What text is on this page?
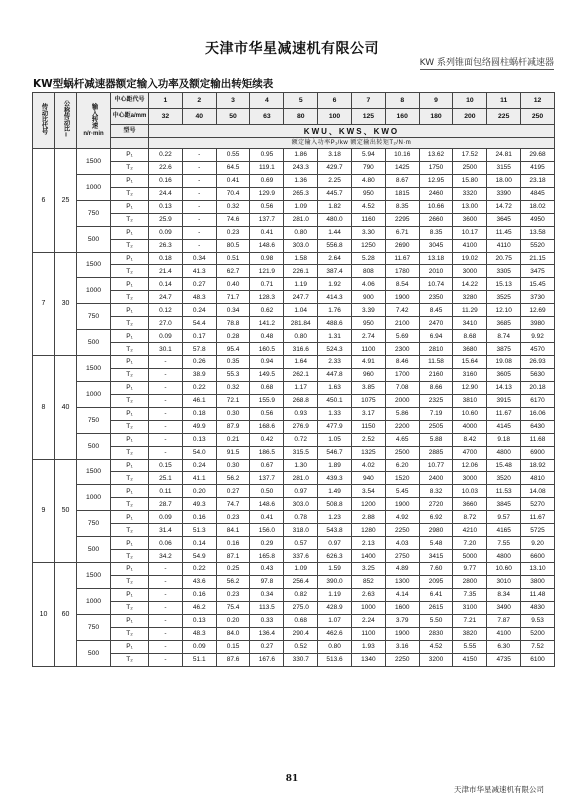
天津市华星减速机有限公司
KW 系列锥面包络圆柱蜗杆减速器
KW型蜗杆减速器额定输入功率及额定输出转矩续表
传动比代号	公称传动比i	输入转速
n/r·min	中心距代号	1	2	3	4	5	6	7	8	9	10	11	12
			中心距a/mm	32	40	50	63	80	100	125	160	180	200	225	250
			型号	KWU、KWS、KWO											
				额定输入功率P₁/kw 额定输出转矩T₂/N·m											
6	25	1500	P₁	0.22	-	0.55	0.95	1.86	3.18	5.94	10.16	13.62	17.52	24.81	29.68
			T₂	22.6	-	64.5	119.1	243.3	429.7	790	1425	1750	2500	3155	4195
		1000	P₁	0.16	-	0.41	0.69	1.36	2.25	4.80	8.67	12.95	15.80	18.00	23.18
			T₂	24.4	-	70.4	129.9	265.3	445.7	950	1815	2460	3320	3390	4845
		750	P₁	0.13	-	0.32	0.56	1.09	1.82	4.52	8.35	10.66	13.00	14.72	18.02
			T₂	25.9	-	74.6	137.7	281.0	480.0	1160	2295	2660	3600	3645	4950
		500	P₁	0.09	-	0.23	0.41	0.80	1.44	3.30	6.71	8.35	10.17	11.45	13.58
			T₂	26.3	-	80.5	148.6	303.0	556.8	1250	2690	3045	4100	4110	5520
7	30	1500	P₁	0.18	0.34	0.51	0.98	1.58	2.64	5.28	11.67	13.18	19.02	20.75	21.15
			T₂	21.4	41.3	62.7	121.9	226.1	387.4	808	1780	2010	3000	3305	3475
		1000	P₁	0.14	0.27	0.40	0.71	1.19	1.92	4.06	8.54	10.74	14.22	15.13	15.45
			T₂	24.7	48.3	71.7	128.3	247.7	414.3	900	1900	2350	3280	3525	3730
		750	P₁	0.12	0.24	0.34	0.62	1.04	1.76	3.39	7.42	8.45	11.29	12.10	12.69
			T₂	27.0	54.4	78.8	141.2	281.84	488.6	950	2100	2470	3410	3685	3980
		500	P₁	0.09	0.17	0.28	0.48	0.80	1.31	2.74	5.69	6.94	8.68	8.74	9.92
			T₂	30.1	57.8	95.4	160.5	316.6	524.3	1100	2300	2810	3680	3875	4570
8	40	1500	P₁	-	0.26	0.35	0.94	1.64	2.33	4.91	8.46	11.58	15.64	19.08	26.93
			T₂	-	38.9	55.3	149.5	262.1	447.8	960	1700	2160	3160	3605	5630
		1000	P₁	-	0.22	0.32	0.68	1.17	1.63	3.85	7.08	8.66	12.90	14.13	20.18
			T₂	-	46.1	72.1	155.9	268.8	450.1	1075	2000	2325	3810	3915	6170
		750	P₁	-	0.18	0.30	0.56	0.93	1.33	3.17	5.86	7.19	10.60	11.67	16.06
			T₂	-	49.9	87.9	168.6	276.9	477.9	1150	2200	2505	4000	4145	6430
		500	P₁	-	0.13	0.21	0.42	0.72	1.05	2.52	4.65	5.88	8.42	9.18	11.68
			T₂	-	54.0	91.5	186.5	315.5	546.7	1325	2500	2885	4700	4800	6900
9	50	1500	P₁	0.15	0.24	0.30	0.67	1.30	1.89	4.02	6.20	10.77	12.06	15.48	18.92
			T₂	25.1	41.1	56.2	137.7	281.0	439.3	940	1520	2400	3000	3520	4810
		1000	P₁	0.11	0.20	0.27	0.50	0.97	1.49	3.54	5.45	8.32	10.03	11.53	14.08
			T₂	28.7	49.3	74.7	148.6	303.0	508.8	1200	1900	2720	3660	3845	5270
		750	P₁	0.09	0.16	0.23	0.41	0.78	1.23	2.88	4.92	6.92	8.72	9.57	11.67
			T₂	31.4	51.3	84.1	156.0	318.0	543.8	1280	2250	2980	4210	4165	5725
		500	P₁	0.06	0.14	0.16	0.29	0.57	0.97	2.13	4.03	5.48	7.20	7.55	9.20
			T₂	34.2	54.9	87.1	165.8	337.6	626.3	1400	2750	3415	5000	4800	6600
10	60	1500	P₁	-	0.22	0.25	0.43	1.09	1.59	3.25	4.89	7.60	9.77	10.60	13.10
			T₂	-	43.6	56.2	97.8	256.4	390.0	852	1300	2095	2800	3010	3800
		1000	P₁	-	0.16	0.23	0.34	0.82	1.19	2.63	4.14	6.41	7.35	8.34	11.48
			T₂	-	46.2	75.4	113.5	275.0	428.9	1000	1600	2615	3100	3490	4830
		750	P₁	-	0.13	0.20	0.33	0.68	1.07	2.24	3.79	5.50	7.21	7.87	9.53
			T₂	-	48.3	84.0	136.4	290.4	462.6	1100	1900	2830	3820	4100	5200
		500	P₁	-	0.09	0.15	0.27	0.52	0.80	1.93	3.16	4.52	5.55	6.30	7.52
			T₂	-	51.1	87.6	167.6	330.7	513.6	1340	2250	3200	4150	4735	6100
81
天津市华星减速机有限公司
